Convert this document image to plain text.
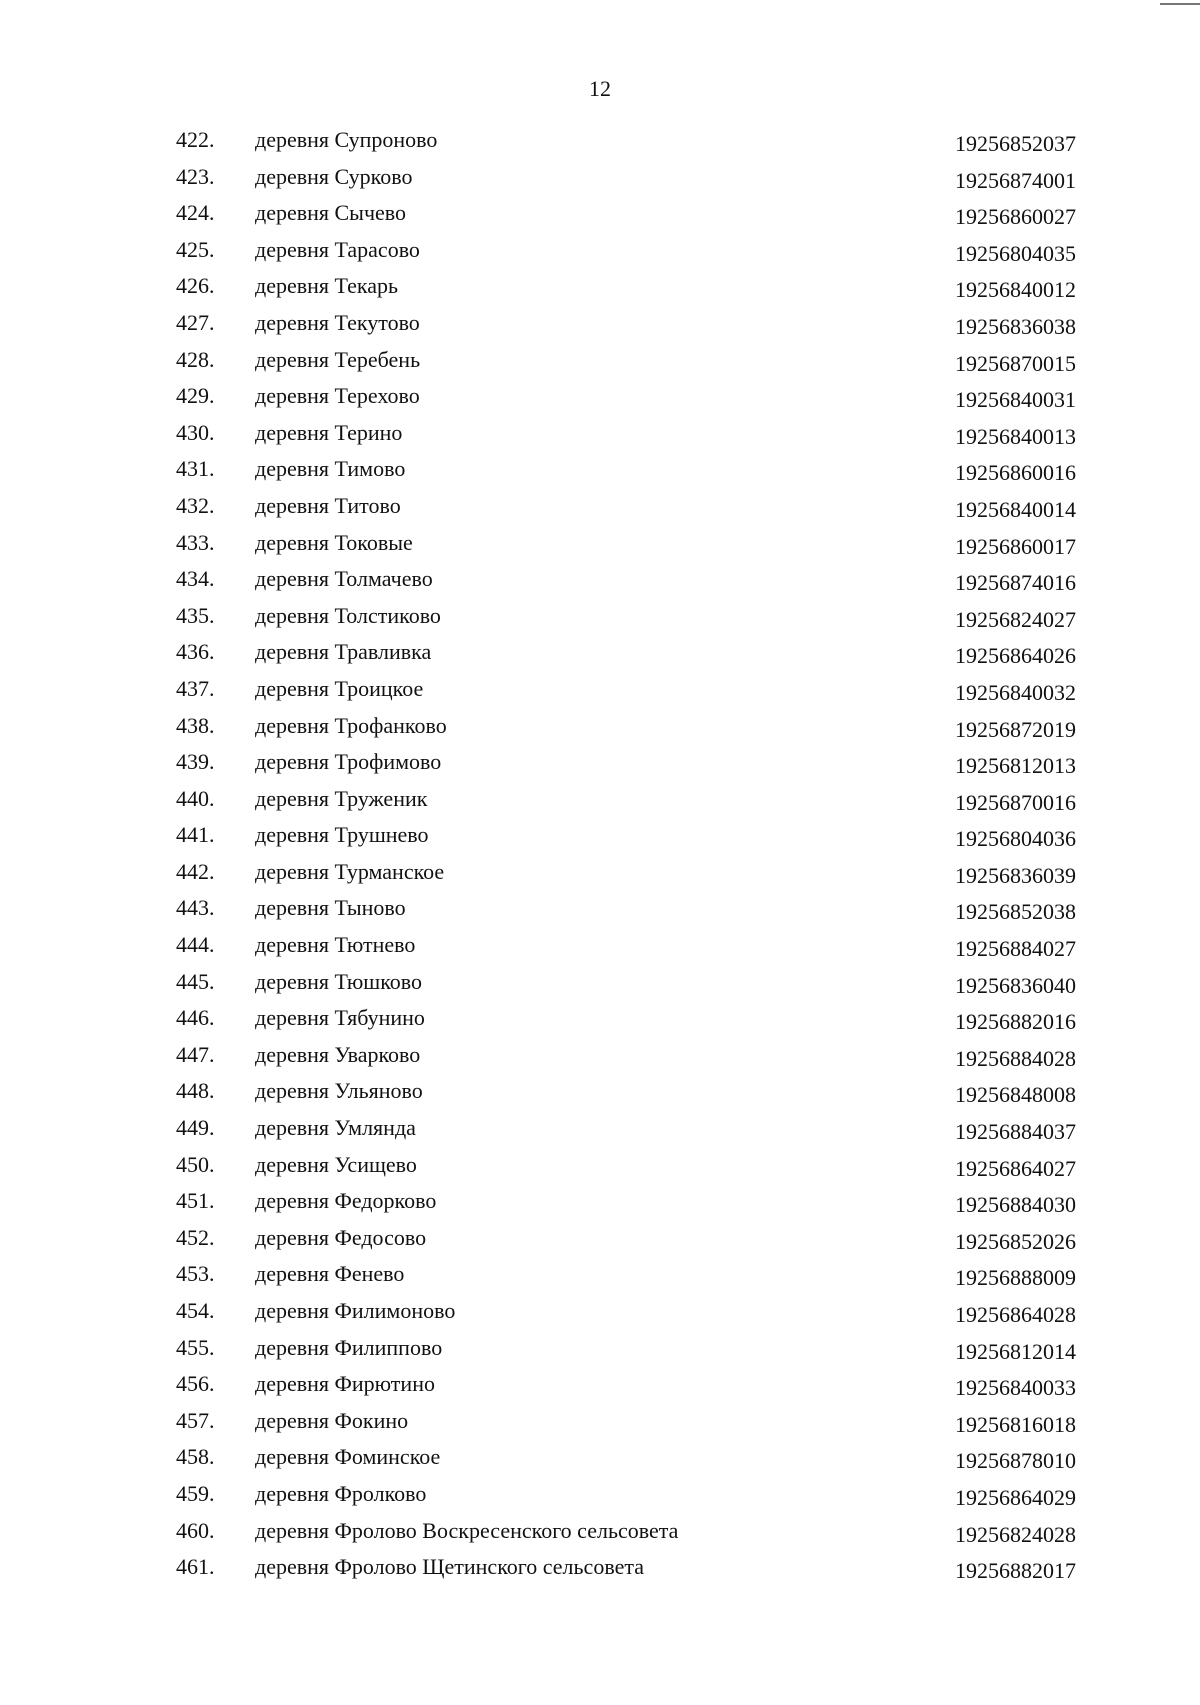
12
422.	деревня Супроново	19256852037
423.	деревня Сурково	19256874001
424.	деревня Сычево	19256860027
425.	деревня Тарасово	19256804035
426.	деревня Текарь	19256840012
427.	деревня Текутово	19256836038
428.	деревня Теребень	19256870015
429.	деревня Терехово	19256840031
430.	деревня Терино	19256840013
431.	деревня Тимово	19256860016
432.	деревня Титово	19256840014
433.	деревня Токовые	19256860017
434.	деревня Толмачево	19256874016
435.	деревня Толстиково	19256824027
436.	деревня Травливка	19256864026
437.	деревня Троицкое	19256840032
438.	деревня Трофанково	19256872019
439.	деревня Трофимово	19256812013
440.	деревня Труженик	19256870016
441.	деревня Трушнево	19256804036
442.	деревня Турманское	19256836039
443.	деревня Тыново	19256852038
444.	деревня Тютнево	19256884027
445.	деревня Тюшково	19256836040
446.	деревня Тябунино	19256882016
447.	деревня Уварково	19256884028
448.	деревня Ульяново	19256848008
449.	деревня Умлянда	19256884037
450.	деревня Усищево	19256864027
451.	деревня Федорково	19256884030
452.	деревня Федосово	19256852026
453.	деревня Фенево	19256888009
454.	деревня Филимоново	19256864028
455.	деревня Филиппово	19256812014
456.	деревня Фирютино	19256840033
457.	деревня Фокино	19256816018
458.	деревня Фоминское	19256878010
459.	деревня Фролково	19256864029
460.	деревня Фролово Воскресенского сельсовета	19256824028
461.	деревня Фролово Щетинского сельсовета	19256882017
